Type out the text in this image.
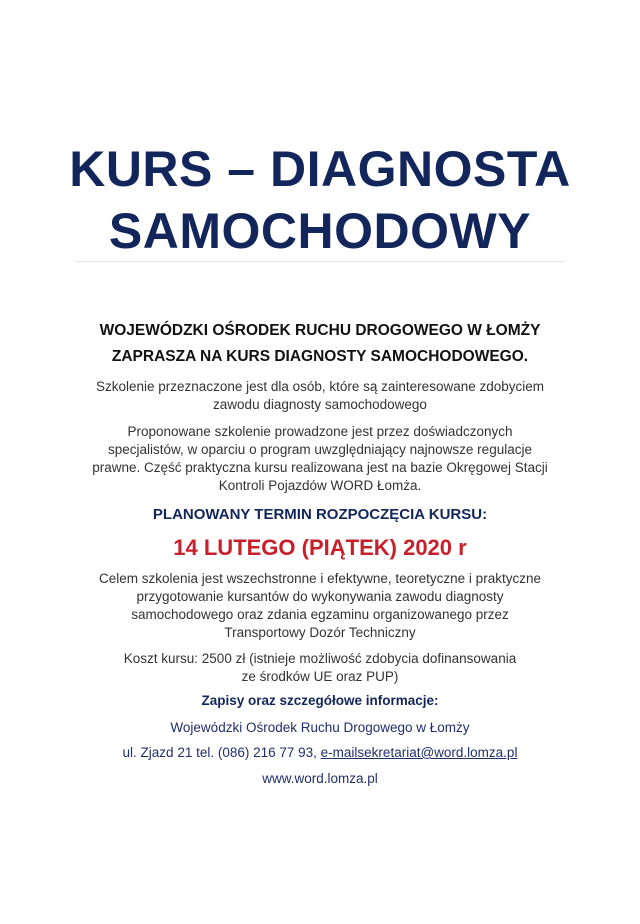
KURS – DIAGNOSTA
SAMOCHODOWY
WOJEWÓDZKI OŚRODEK RUCHU DROGOWEGO W ŁOMŻY
ZAPRASZA NA KURS DIAGNOSTY SAMOCHODOWEGO.
Szkolenie przeznaczone jest dla osób, które są zainteresowane zdobyciem
zawodu diagnosty samochodowego
Proponowane szkolenie prowadzone jest przez doświadczonych
specjalistów, w oparciu o program uwzględniający najnowsze regulacje
prawne. Część praktyczna kursu realizowana jest na bazie Okręgowej Stacji
Kontroli Pojazdów WORD Łomża.
PLANOWANY TERMIN ROZPOCZĘCIA KURSU:
14 LUTEGO (PIĄTEK) 2020 r
Celem szkolenia jest wszechstronne i efektywne, teoretyczne i praktyczne
przygotowanie kursantów do wykonywania zawodu diagnosty
samochodowego oraz zdania egzaminu organizowanego przez
Transportowy Dozór Techniczny
Koszt kursu: 2500 zł (istnieje możliwość zdobycia dofinansowania
ze środków UE oraz PUP)
Zapisy oraz szczegółowe informacje:
Wojewódzki Ośrodek Ruchu Drogowego w Łomży
ul. Zjazd 21 tel. (086) 216 77 93, e-mailsekretariat@word.lomza.pl
www.word.lomza.pl
